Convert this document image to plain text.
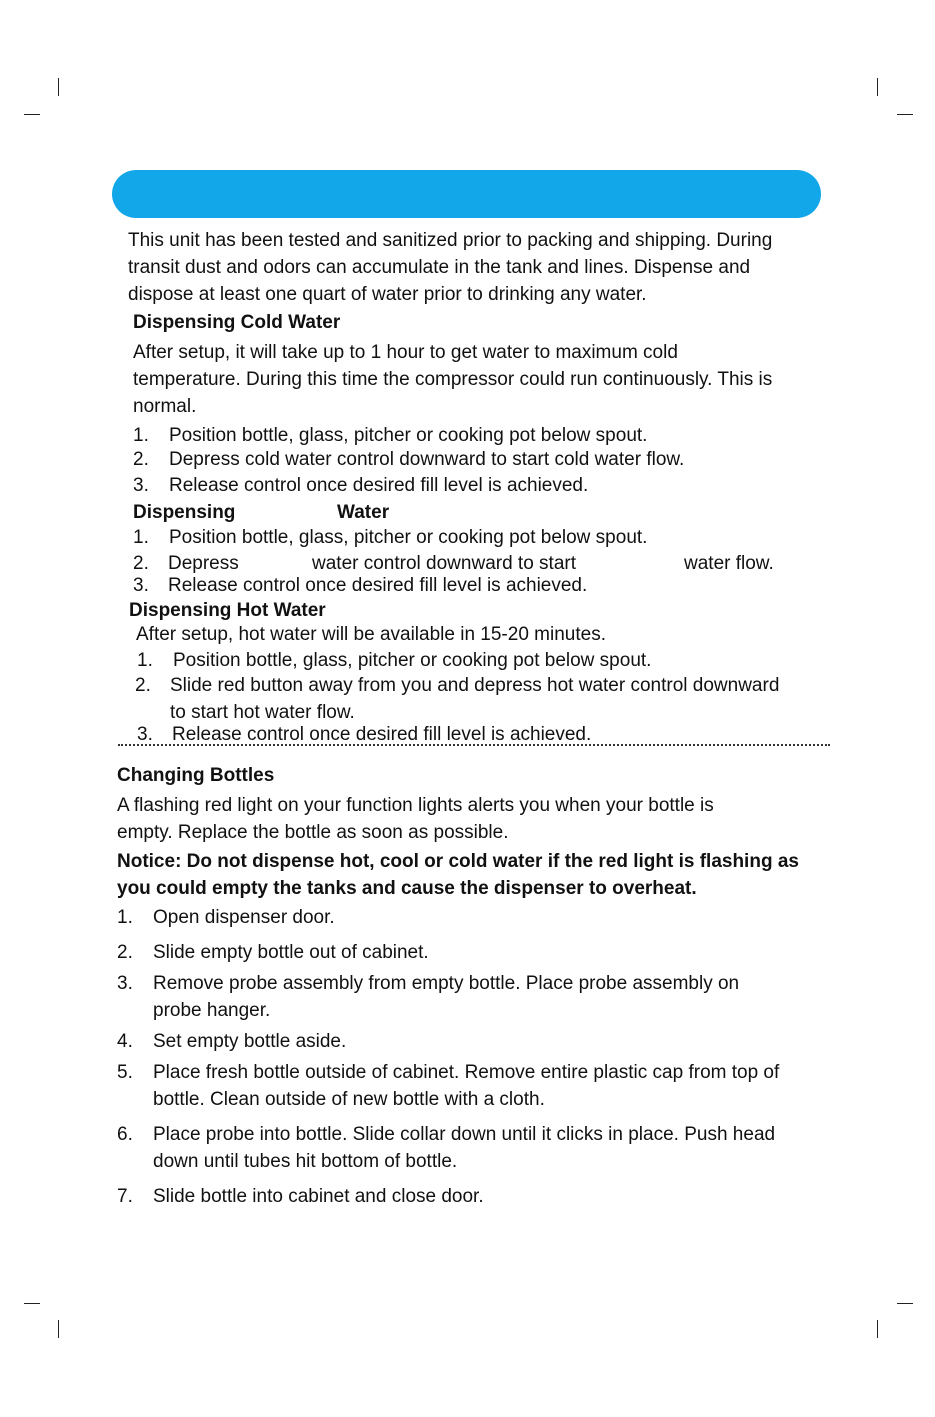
This unit has been tested and sanitized prior to packing and shipping. During
transit dust and odors can accumulate in the tank and lines. Dispense and
dispose at least one quart of water prior to drinking any water.
Dispensing Cold Water
After setup, it will take up to 1 hour to get water to maximum cold
temperature. During this time the compressor could run continuously. This is
normal.
1. Position bottle, glass, pitcher or cooking pot below spout.
2. Depress cold water control downward to start cold water flow.
3. Release control once desired fill level is achieved.
Dispensing	Water
1. Position bottle, glass, pitcher or cooking pot below spout.
2. Depress	water control downward to start	water flow.
3. Release control once desired fill level is achieved.
Dispensing Hot Water
After setup, hot water will be available in 15-20 minutes.
1. Position bottle, glass, pitcher or cooking pot below spout.
2. Slide red button away from you and depress hot water control downward
to start hot water flow.
3. Release control once desired fill level is achieved.
Changing Bottles
A flashing red light on your function lights alerts you when your bottle is
empty. Replace the bottle as soon as possible.
Notice: Do not dispense hot, cool or cold water if the red light is flashing as
you could empty the tanks and cause the dispenser to overheat.
1. Open dispenser door.
2. Slide empty bottle out of cabinet.
3. Remove probe assembly from empty bottle. Place probe assembly on
probe hanger.
4. Set empty bottle aside.
5. Place fresh bottle outside of cabinet. Remove entire plastic cap from top of
bottle. Clean outside of new bottle with a cloth.
6. Place probe into bottle. Slide collar down until it clicks in place. Push head
down until tubes hit bottom of bottle.
7. Slide bottle into cabinet and close door.
